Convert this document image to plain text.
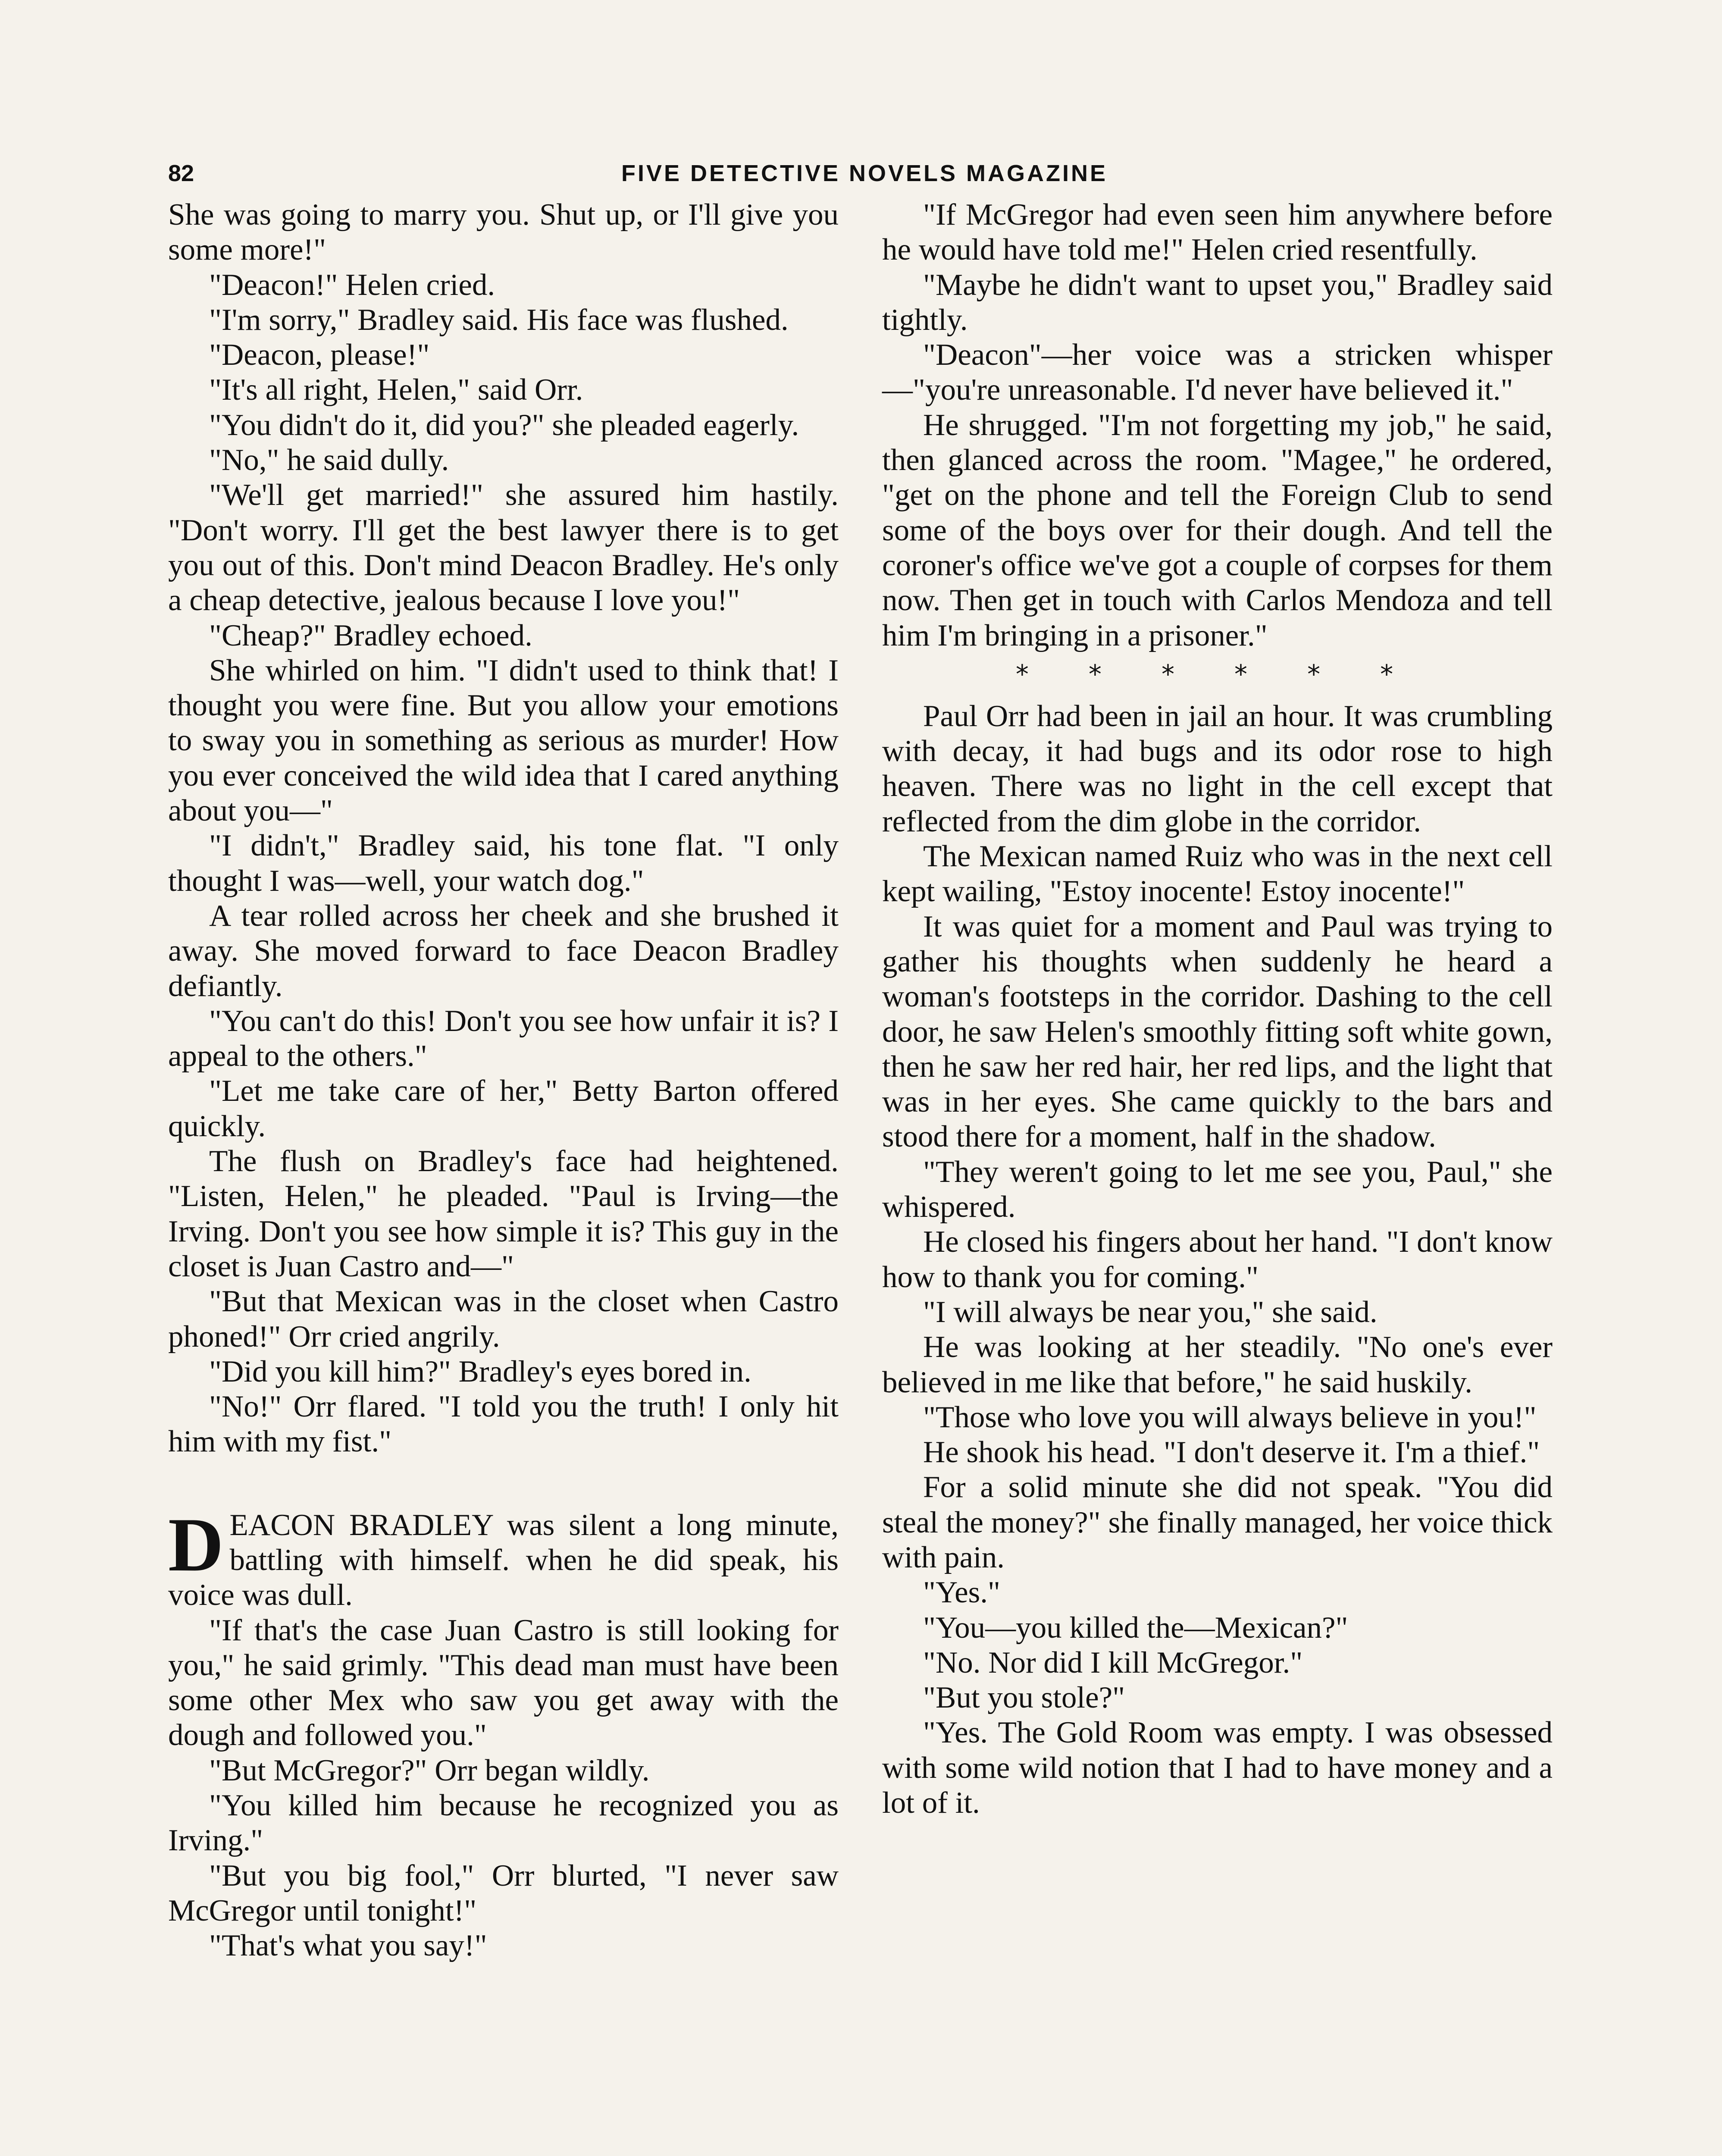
82	FIVE DETECTIVE NOVELS MAGAZINE

She was going to marry you. Shut up, or I'll give you some more!"

"Deacon!" Helen cried.

"I'm sorry," Bradley said. His face was flushed.

"Deacon, please!"

"It's all right, Helen," said Orr.

"You didn't do it, did you?" she pleaded eagerly.

"No," he said dully.

"We'll get married!" she assured him hastily. "Don't worry. I'll get the best lawyer there is to get you out of this. Don't mind Deacon Bradley. He's only a cheap detective, jealous because I love you!"

"Cheap?" Bradley echoed.

She whirled on him. "I didn't used to think that! I thought you were fine. But you allow your emotions to sway you in something as serious as murder! How you ever conceived the wild idea that I cared anything about you—"

"I didn't," Bradley said, his tone flat. "I only thought I was—well, your watch dog."

A tear rolled across her cheek and she brushed it away. She moved forward to face Deacon Bradley defiantly.

"You can't do this! Don't you see how unfair it is? I appeal to the others."

"Let me take care of her," Betty Barton offered quickly.

The flush on Bradley's face had heightened. "Listen, Helen," he pleaded. "Paul is Irving—the Irving. Don't you see how simple it is? This guy in the closet is Juan Castro and—"

"But that Mexican was in the closet when Castro phoned!" Orr cried angrily.

"Did you kill him?" Bradley's eyes bored in.

"No!" Orr flared. "I told you the truth! I only hit him with my fist."

DEACON BRADLEY was silent a long minute, battling with himself. when he did speak, his voice was dull.

"If that's the case Juan Castro is still looking for you," he said grimly. "This dead man must have been some other Mex who saw you get away with the dough and followed you."

"But McGregor?" Orr began wildly.

"You killed him because he recognized you as Irving."

"But you big fool," Orr blurted, "I never saw McGregor until tonight!"

"That's what you say!"

"If McGregor had even seen him anywhere before he would have told me!" Helen cried resentfully.

"Maybe he didn't want to upset you," Bradley said tightly.

"Deacon"—her voice was a stricken whisper—"you're unreasonable. I'd never have believed it."

He shrugged. "I'm not forgetting my job," he said, then glanced across the room. "Magee," he ordered, "get on the phone and tell the Foreign Club to send some of the boys over for their dough. And tell the coroner's office we've got a couple of corpses for them now. Then get in touch with Carlos Mendoza and tell him I'm bringing in a prisoner."

* * * * * *

Paul Orr had been in jail an hour. It was crumbling with decay, it had bugs and its odor rose to high heaven. There was no light in the cell except that reflected from the dim globe in the corridor.

The Mexican named Ruiz who was in the next cell kept wailing, "Estoy inocente! Estoy inocente!"

It was quiet for a moment and Paul was trying to gather his thoughts when suddenly he heard a woman's footsteps in the corridor. Dashing to the cell door, he saw Helen's smoothly fitting soft white gown, then he saw her red hair, her red lips, and the light that was in her eyes. She came quickly to the bars and stood there for a moment, half in the shadow.

"They weren't going to let me see you, Paul," she whispered.

He closed his fingers about her hand. "I don't know how to thank you for coming."

"I will always be near you," she said.

He was looking at her steadily. "No one's ever believed in me like that before," he said huskily.

"Those who love you will always believe in you!"

He shook his head. "I don't deserve it. I'm a thief."

For a solid minute she did not speak. "You did steal the money?" she finally managed, her voice thick with pain.

"Yes."

"You—you killed the—Mexican?"

"No. Nor did I kill McGregor."

"But you stole?"

"Yes. The Gold Room was empty. I was obsessed with some wild notion that I had to have money and a lot of it.
